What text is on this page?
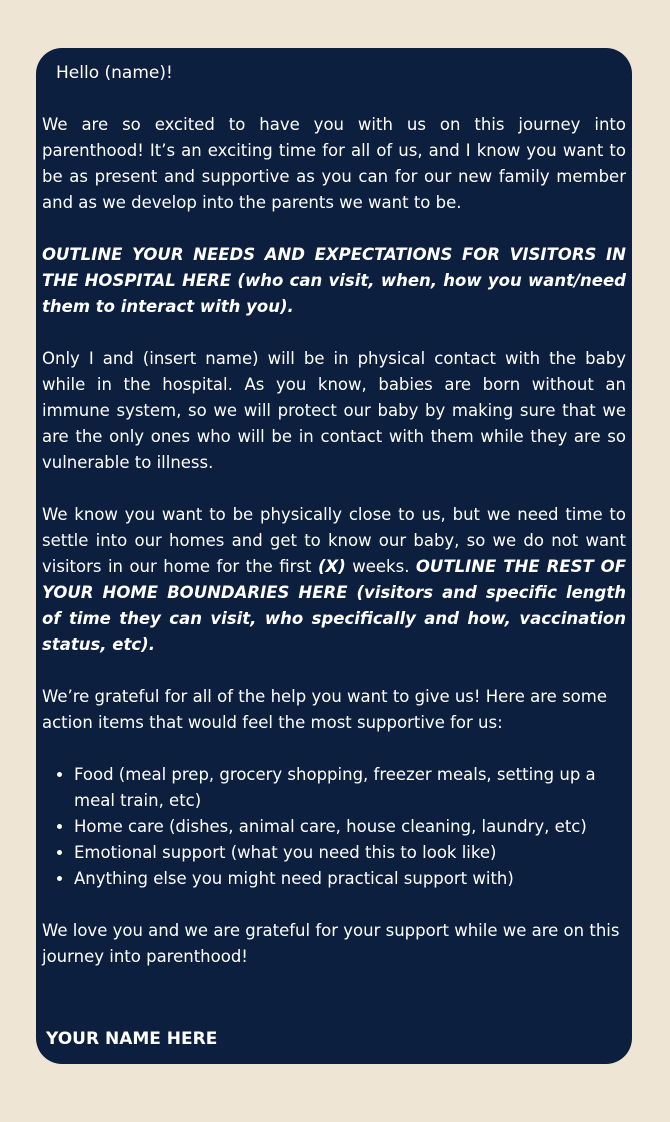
Hello (name)!

We are so excited to have you with us on this journey into parenthood! It’s an exciting time for all of us, and I know you want to be as present and supportive as you can for our new family member and as we develop into the parents we want to be.

OUTLINE YOUR NEEDS AND EXPECTATIONS FOR VISITORS IN THE HOSPITAL HERE (who can visit, when, how you want/need them to interact with you).

Only I and (insert name) will be in physical contact with the baby while in the hospital. As you know, babies are born without an immune system, so we will protect our baby by making sure that we are the only ones who will be in contact with them while they are so vulnerable to illness.

We know you want to be physically close to us, but we need time to settle into our homes and get to know our baby, so we do not want visitors in our home for the first (X) weeks. OUTLINE THE REST OF YOUR HOME BOUNDARIES HERE (visitors and specific length of time they can visit, who specifically and how, vaccination status, etc).

We’re grateful for all of the help you want to give us! Here are some action items that would feel the most supportive for us:

• Food (meal prep, grocery shopping, freezer meals, setting up a meal train, etc)
• Home care (dishes, animal care, house cleaning, laundry, etc)
• Emotional support (what you need this to look like)
• Anything else you might need practical support with)

We love you and we are grateful for your support while we are on this journey into parenthood!

YOUR NAME HERE
